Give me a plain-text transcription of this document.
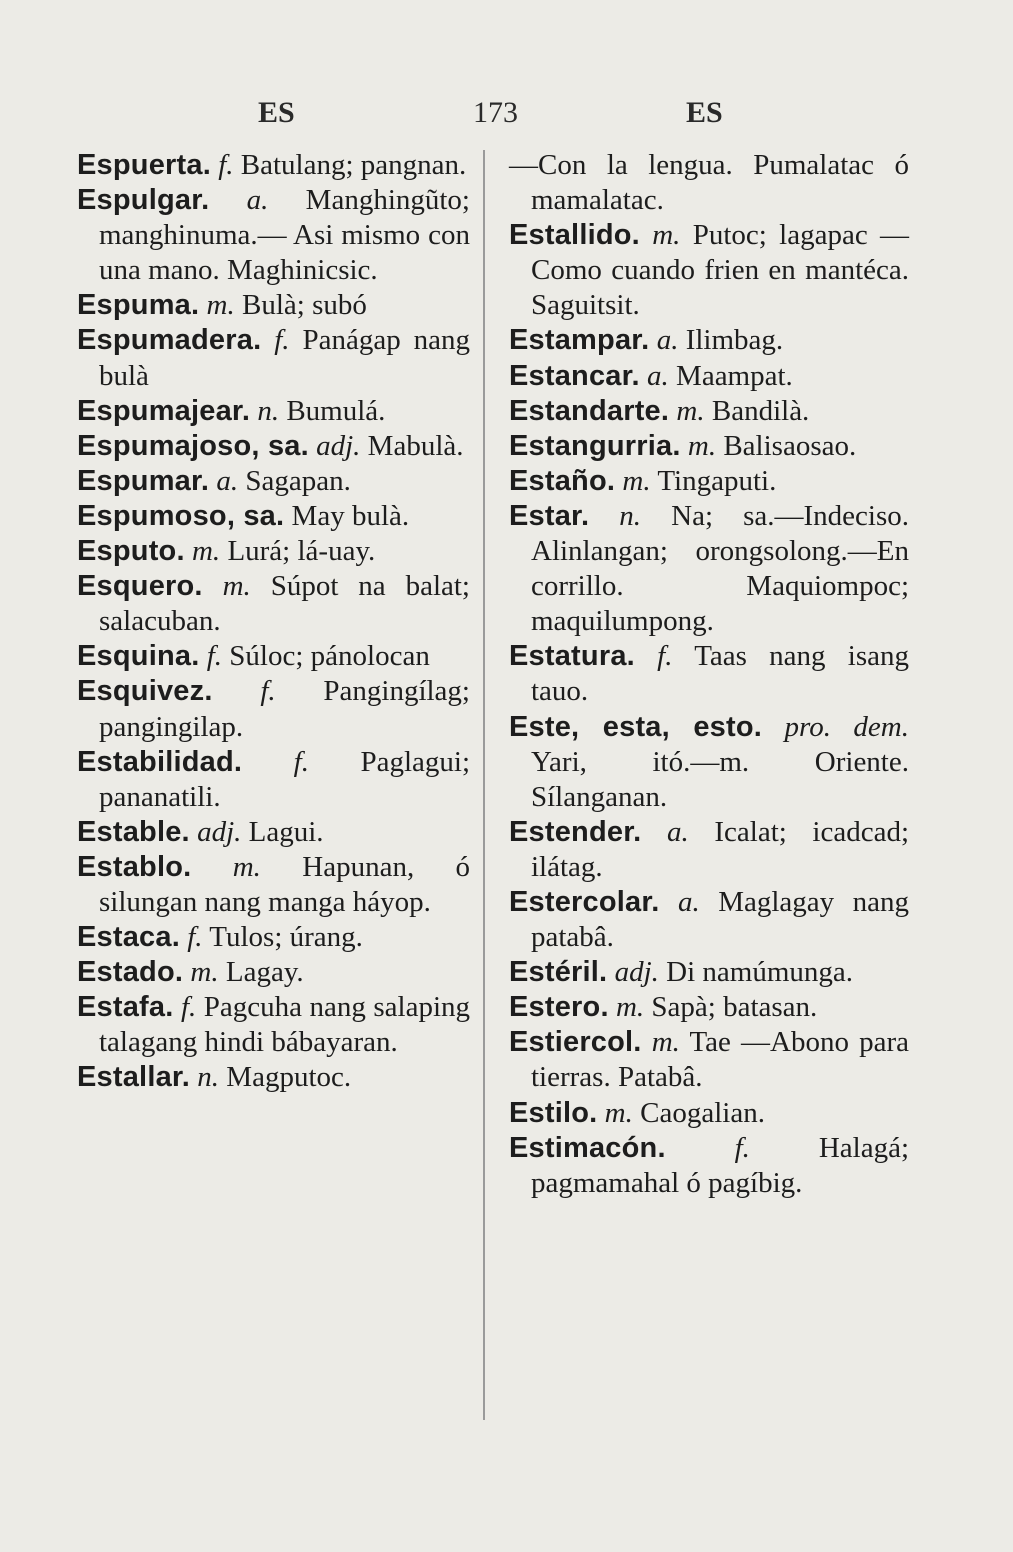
ES	173	ES

Espuerta. f. Batulang; pangnan.

Espulgar. a. Manghingũto; manghinuma.— Asi mismo con una mano. Maghinicsic.

Espuma. m. Bulà; subó

Espumadera. f. Panágap nang bulà

Espumajear. n. Bumulá.

Espumajoso, sa. adj. Mabulà.

Espumar. a. Sagapan.

Espumoso, sa. May bulà.

Esputo. m. Lurá; lá-uay.

Esquero. m. Súpot na balat; salacuban.

Esquina. f. Súloc; pánolocan

Esquivez. f. Pangingílag; pangingilap.

Estabilidad. f. Paglagui; pananatili.

Estable. adj. Lagui.

Establo. m. Hapunan, ó silungan nang manga háyop.

Estaca. f. Tulos; úrang.

Estado. m. Lagay.

Estafa. f. Pagcuha nang salaping talagang hindi bábayaran.

Estallar. n. Magputoc.

—Con la lengua. Pumalatac ó mamalatac.

Estallido. m. Putoc; lagapac — Como cuando frien en mantéca. Saguitsit.

Estampar. a. Ilimbag.

Estancar. a. Maampat.

Estandarte. m. Bandilà.

Estangurria. m. Balisaosao.

Estaño. m. Tingaputi.

Estar. n. Na; sa.—Indeciso. Alinlangan; orongsolong.—En corrillo. Maquiompoc; maquilumpong.

Estatura. f. Taas nang isang tauo.

Este, esta, esto. pro. dem. Yari, itó.—m. Oriente. Sílanganan.

Estender. a. Icalat; icadcad; ilátag.

Estercolar. a. Maglagay nang patabâ.

Estéril. adj. Di namúmunga.

Estero. m. Sapà; batasan.

Estiercol. m. Tae —Abono para tierras. Patabâ.

Estilo. m. Caogalian.

Estimacón. f. Halagá; pagmamahal ó pagíbig.
